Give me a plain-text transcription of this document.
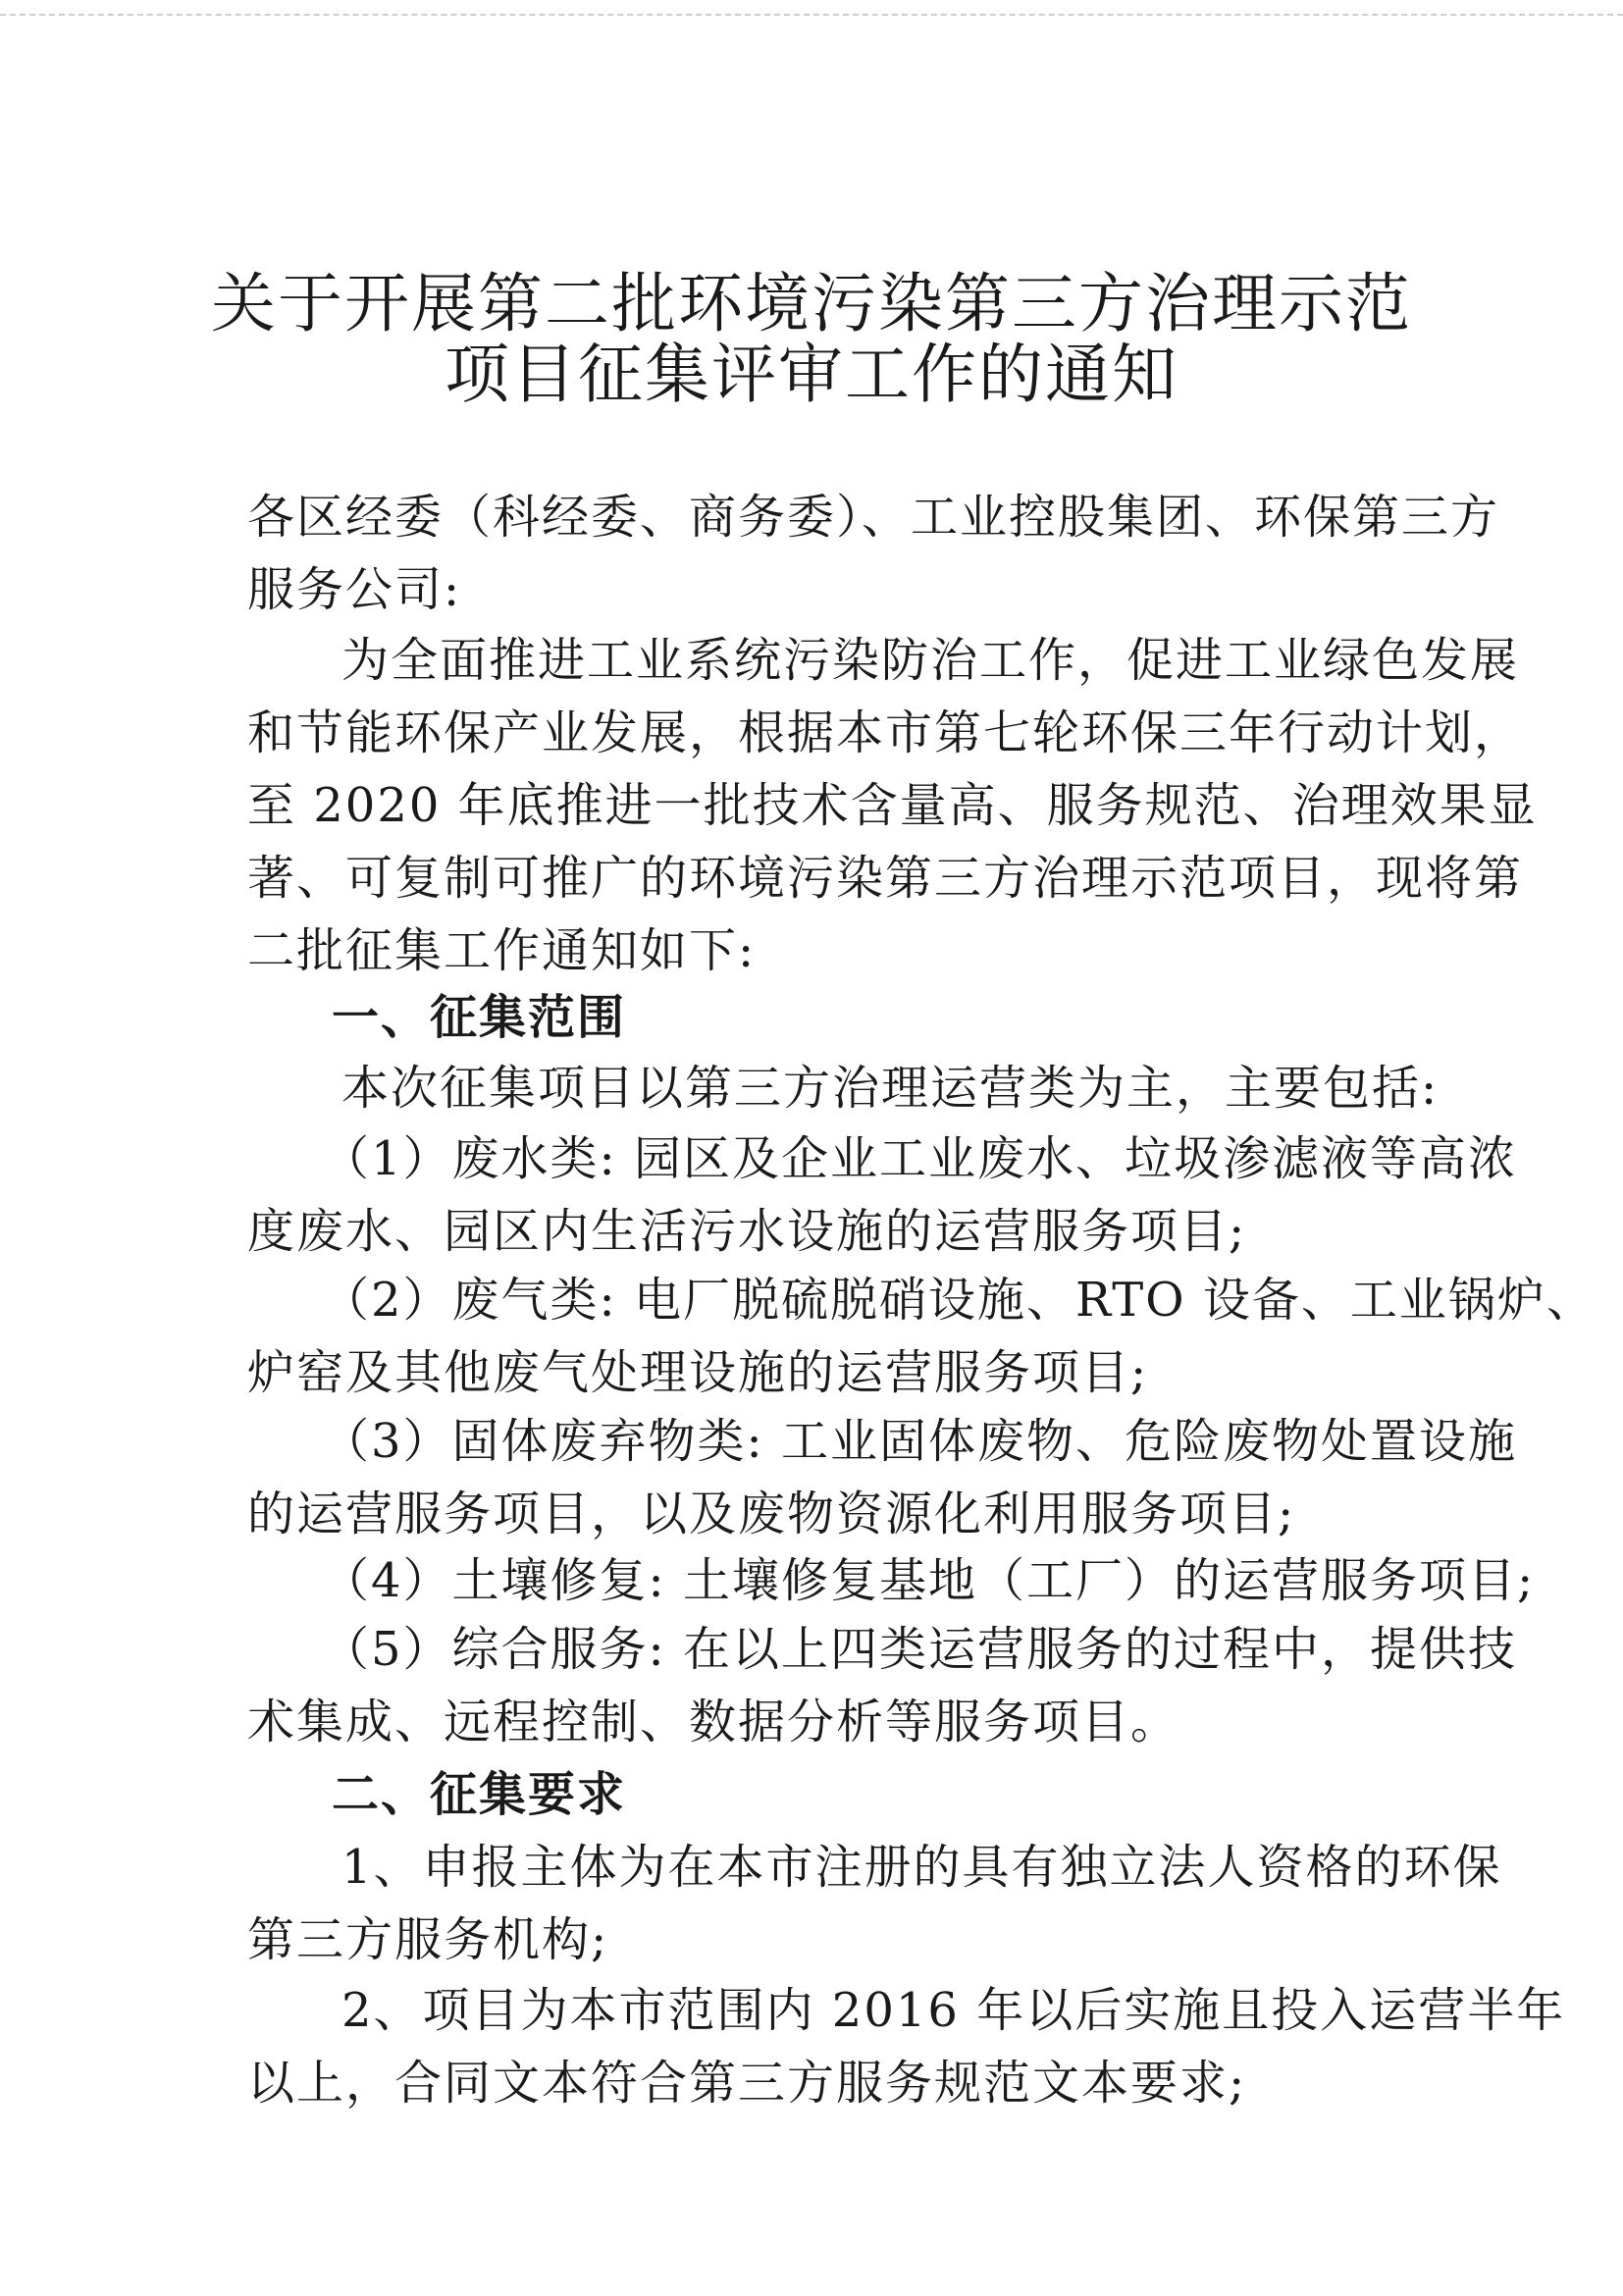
关于开展第二批环境污染第三方治理示范
项目征集评审工作的通知

各区经委（科经委、商务委）、工业控股集团、环保第三方
服务公司:

为全面推进工业系统污染防治工作，促进工业绿色发展
和节能环保产业发展，根据本市第七轮环保三年行动计划，
至 2020 年底推进一批技术含量高、服务规范、治理效果显
著、可复制可推广的环境污染第三方治理示范项目，现将第
二批征集工作通知如下:

一、征集范围

本次征集项目以第三方治理运营类为主，主要包括:

（1）废水类: 园区及企业工业废水、垃圾渗滤液等高浓
度废水、园区内生活污水设施的运营服务项目;

（2）废气类: 电厂脱硫脱硝设施、RTO 设备、工业锅炉、
炉窑及其他废气处理设施的运营服务项目;

（3）固体废弃物类: 工业固体废物、危险废物处置设施
的运营服务项目，以及废物资源化利用服务项目;

（4）土壤修复: 土壤修复基地（工厂）的运营服务项目;

（5）综合服务: 在以上四类运营服务的过程中，提供技
术集成、远程控制、数据分析等服务项目。

二、征集要求

1、申报主体为在本市注册的具有独立法人资格的环保
第三方服务机构;

2、项目为本市范围内 2016 年以后实施且投入运营半年
以上，合同文本符合第三方服务规范文本要求;
